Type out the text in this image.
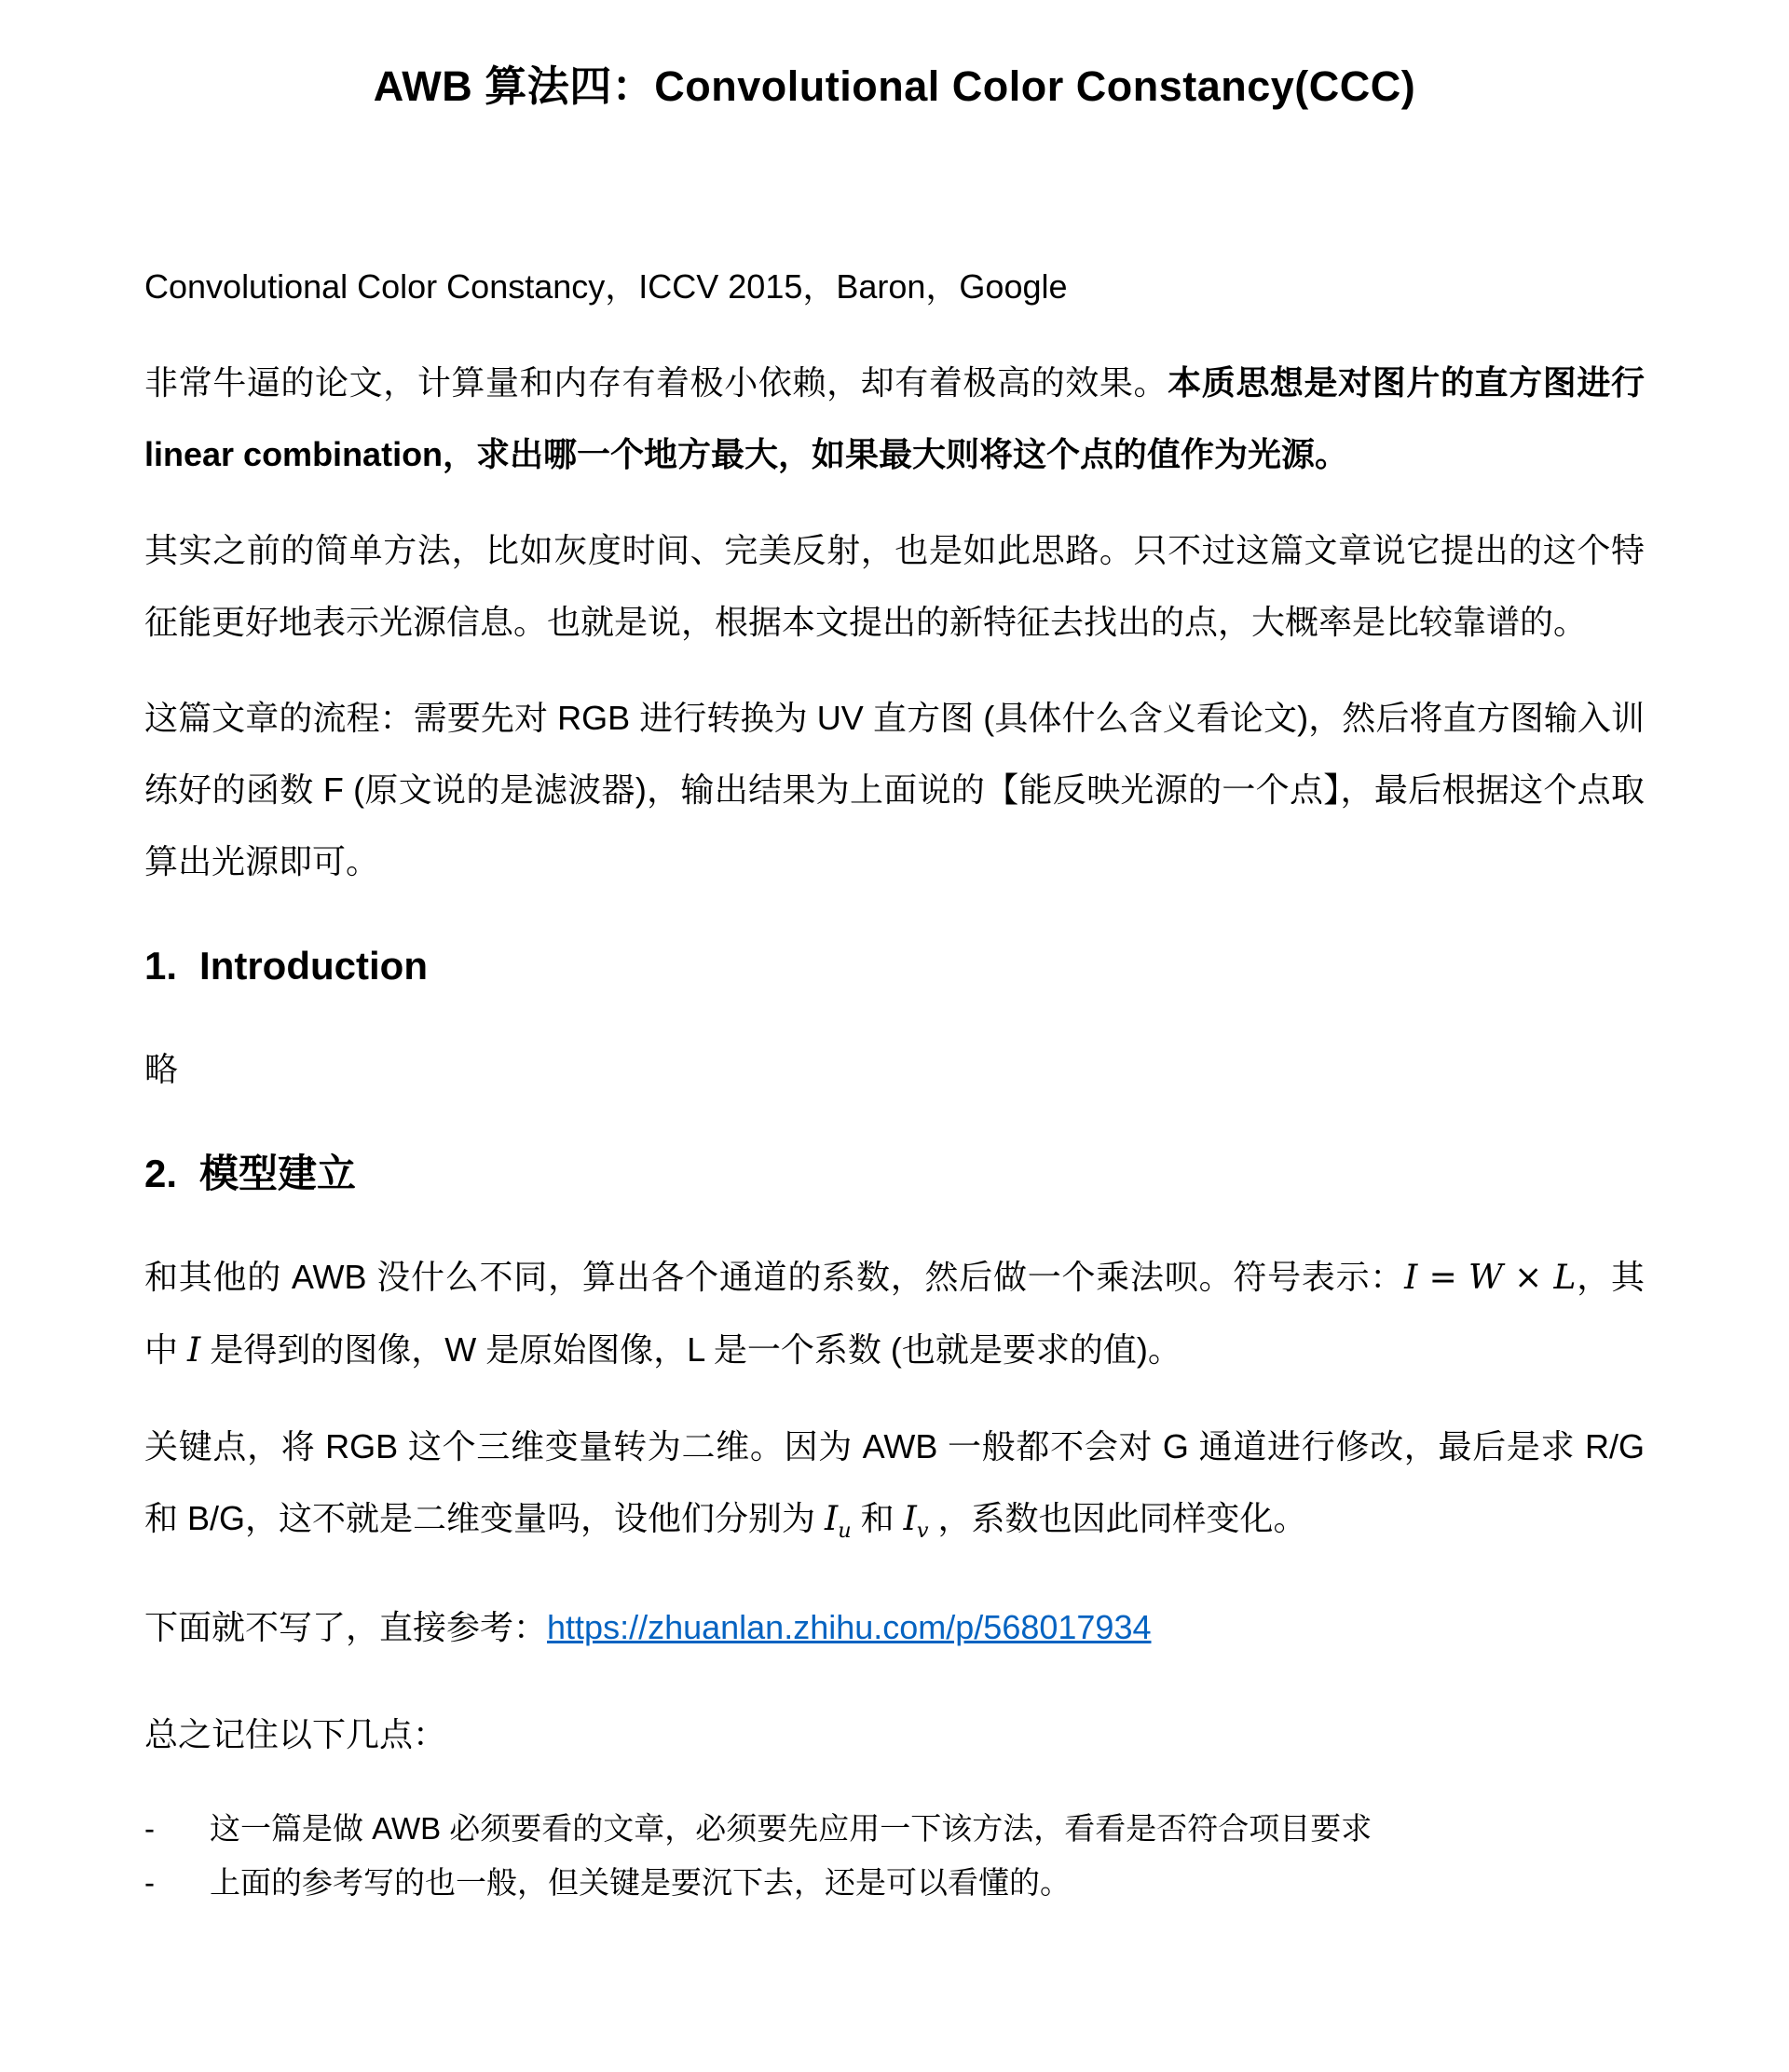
AWB 算法四：Convolutional Color Constancy(CCC)
Convolutional Color Constancy，ICCV 2015，Baron，Google
非常牛逼的论文，计算量和内存有着极小依赖，却有着极高的效果。本质思想是对图片的直方图进行 linear combination，求出哪一个地方最大，如果最大则将这个点的值作为光源。
其实之前的简单方法，比如灰度时间、完美反射，也是如此思路。只不过这篇文章说它提出的这个特征能更好地表示光源信息。也就是说，根据本文提出的新特征去找出的点，大概率是比较靠谱的。
这篇文章的流程：需要先对 RGB 进行转换为 UV 直方图 (具体什么含义看论文)，然后将直方图输入训练好的函数 F (原文说的是滤波器)，输出结果为上面说的【能反映光源的一个点】，最后根据这个点取算出光源即可。
1. Introduction
略
2. 模型建立
和其他的 AWB 没什么不同，算出各个通道的系数，然后做一个乘法呗。符号表示：I = W × L，其中 I 是得到的图像，W 是原始图像，L 是一个系数 (也就是要求的值)。
关键点，将 RGB 这个三维变量转为二维。因为 AWB 一般都不会对 G 通道进行修改，最后是求 R/G 和 B/G，这不就是二维变量吗，设他们分别为 $I_u$ 和 $I_v$ ，系数也因此同样变化。
下面就不写了，直接参考：https://zhuanlan.zhihu.com/p/568017934
总之记住以下几点：
-	这一篇是做 AWB 必须要看的文章，必须要先应用一下该方法，看看是否符合项目要求
-	上面的参考写的也一般，但关键是要沉下去，还是可以看懂的。
